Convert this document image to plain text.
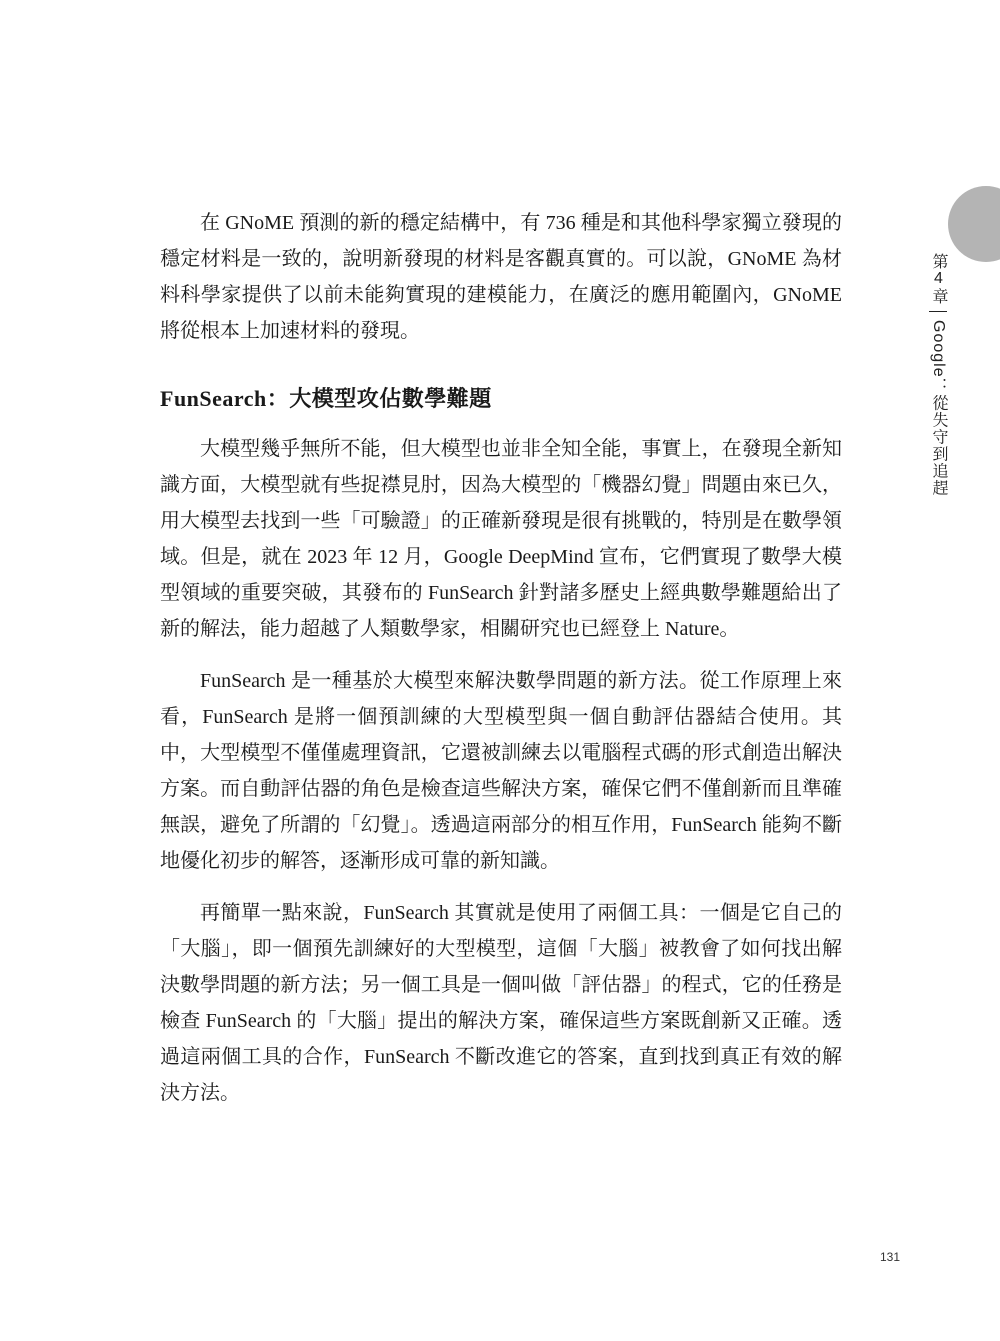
第4章
Google：從失守到追趕

在 GNoME 預測的新的穩定結構中，有 736 種是和其他科學家獨立發現的穩定材料是一致的，說明新發現的材料是客觀真實的。可以說，GNoME 為材料科學家提供了以前未能夠實現的建模能力，在廣泛的應用範圍內，GNoME 將從根本上加速材料的發現。

FunSearch：大模型攻佔數學難題

大模型幾乎無所不能，但大模型也並非全知全能，事實上，在發現全新知識方面，大模型就有些捉襟見肘，因為大模型的「機器幻覺」問題由來已久，用大模型去找到一些「可驗證」的正確新發現是很有挑戰的，特別是在數學領域。但是，就在 2023 年 12 月，Google DeepMind 宣布，它們實現了數學大模型領域的重要突破，其發布的 FunSearch 針對諸多歷史上經典數學難題給出了新的解法，能力超越了人類數學家，相關研究也已經登上 Nature。

FunSearch 是一種基於大模型來解決數學問題的新方法。從工作原理上來看，FunSearch 是將一個預訓練的大型模型與一個自動評估器結合使用。其中，大型模型不僅僅處理資訊，它還被訓練去以電腦程式碼的形式創造出解決方案。而自動評估器的角色是檢查這些解決方案，確保它們不僅創新而且準確無誤，避免了所謂的「幻覺」。透過這兩部分的相互作用，FunSearch 能夠不斷地優化初步的解答，逐漸形成可靠的新知識。

再簡單一點來說，FunSearch 其實就是使用了兩個工具：一個是它自己的「大腦」，即一個預先訓練好的大型模型，這個「大腦」被教會了如何找出解決數學問題的新方法；另一個工具是一個叫做「評估器」的程式，它的任務是檢查 FunSearch 的「大腦」提出的解決方案，確保這些方案既創新又正確。透過這兩個工具的合作，FunSearch 不斷改進它的答案，直到找到真正有效的解決方法。

131
